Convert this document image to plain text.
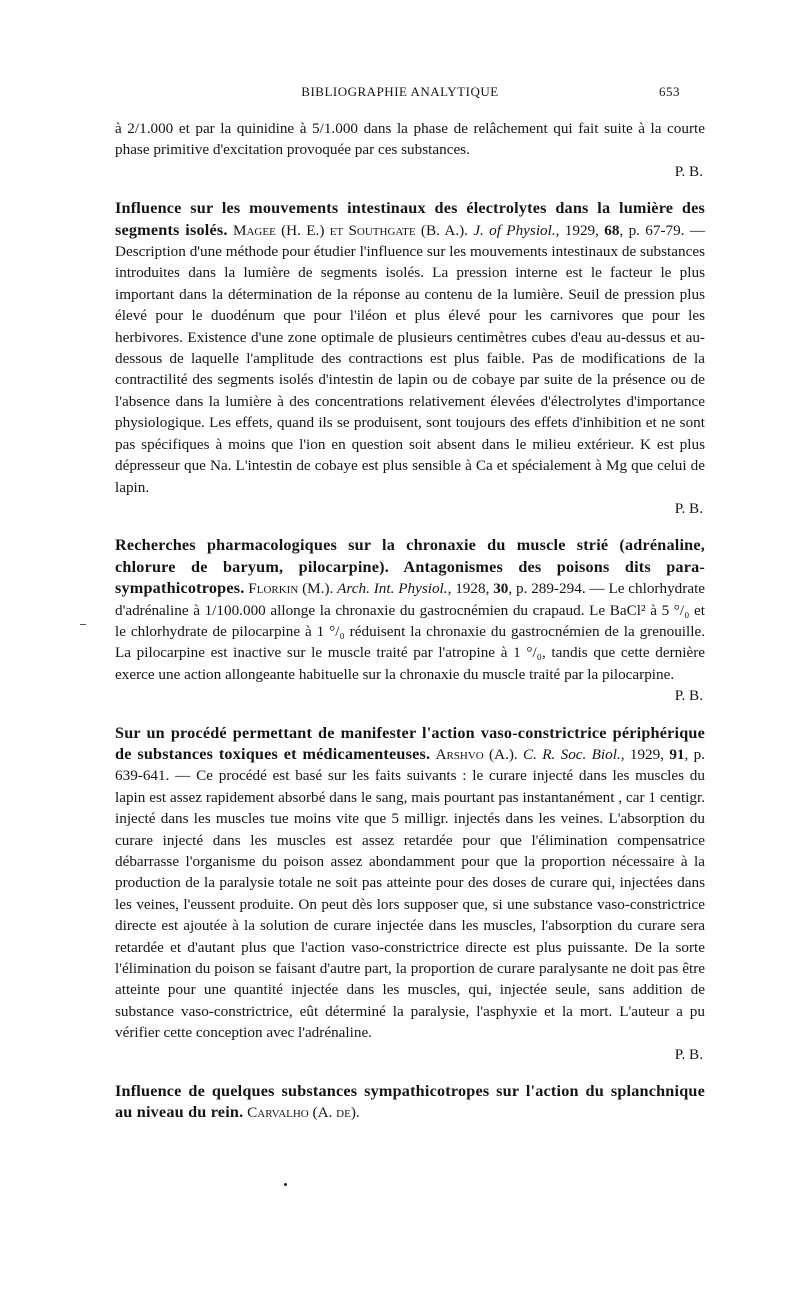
BIBLIOGRAPHIE ANALYTIQUE	653

à 2/1.000 et par la quinidine à 5/1.000 dans la phase de relâchement qui fait suite à la courte phase primitive d'excitation provoquée par ces substances.

P. B.

Influence sur les mouvements intestinaux des électrolytes dans la lumière des segments isolés. Magee (H. E.) et Southgate (B. A.). J. of Physiol., 1929, 68, p. 67-79. — Description d'une méthode pour étudier l'influence sur les mouvements intestinaux de substances introduites dans la lumière de segments isolés. La pression interne est le facteur le plus important dans la détermination de la réponse au contenu de la lumière. Seuil de pression plus élevé pour le duodénum que pour l'iléon et plus élevé pour les carnivores que pour les herbivores. Existence d'une zone optimale de plusieurs centimètres cubes d'eau au-dessus et au-dessous de laquelle l'amplitude des contractions est plus faible. Pas de modifications de la contractilité des segments isolés d'intestin de lapin ou de cobaye par suite de la présence ou de l'absence dans la lumière à des concentrations relativement élevées d'électrolytes d'importance physiologique. Les effets, quand ils se produisent, sont toujours des effets d'inhibition et ne sont pas spécifiques à moins que l'ion en question soit absent dans le milieu extérieur. K est plus dépresseur que Na. L'intestin de cobaye est plus sensible à Ca et spécialement à Mg que celui de lapin.

P. B.

Recherches pharmacologiques sur la chronaxie du muscle strié (adrénaline, chlorure de baryum, pilocarpine). Antagonismes des poisons dits para-sympathicotropes. Florkin (M.). Arch. Int. Physiol., 1928, 30, p. 289-294. — Le chlorhydrate d'adrénaline à 1/100.000 allonge la chronaxie du gastrocnémien du crapaud. Le BaCl² à 5 °/₀ et le chlorhydrate de pilocarpine à 1 °/₀ réduisent la chronaxie du gastrocnémien de la grenouille. La pilocarpine est inactive sur le muscle traité par l'atropine à 1 °/₀, tandis que cette dernière exerce une action allongeante habituelle sur la chronaxie du muscle traité par la pilocarpine.

P. B.

Sur un procédé permettant de manifester l'action vaso-constrictrice périphérique de substances toxiques et médicamenteuses. Arshvo (A.). C. R. Soc. Biol., 1929, 91, p. 639-641. — Ce procédé est basé sur les faits suivants : le curare injecté dans les muscles du lapin est assez rapidement absorbé dans le sang, mais pourtant pas instantanément , car 1 centigr. injecté dans les muscles tue moins vite que 5 milligr. injectés dans les veines. L'absorption du curare injecté dans les muscles est assez retardée pour que l'élimination compensatrice débarrasse l'organisme du poison assez abondamment pour que la proportion nécessaire à la production de la paralysie totale ne soit pas atteinte pour des doses de curare qui, injectées dans les veines, l'eussent produite. On peut dès lors supposer que, si une substance vaso-constrictrice directe est ajoutée à la solution de curare injectée dans les muscles, l'absorption du curare sera retardée et d'autant plus que l'action vaso-constrictrice directe est plus puissante. De la sorte l'élimination du poison se faisant d'autre part, la proportion de curare paralysante ne doit pas être atteinte pour une quantité injectée dans les muscles, qui, injectée seule, sans addition de substance vaso-constrictrice, eût déterminé la paralysie, l'asphyxie et la mort. L'auteur a pu vérifier cette conception avec l'adrénaline.

P. B.

Influence de quelques substances sympathicotropes sur l'action du splanchnique au niveau du rein. Carvalho (A. de).
